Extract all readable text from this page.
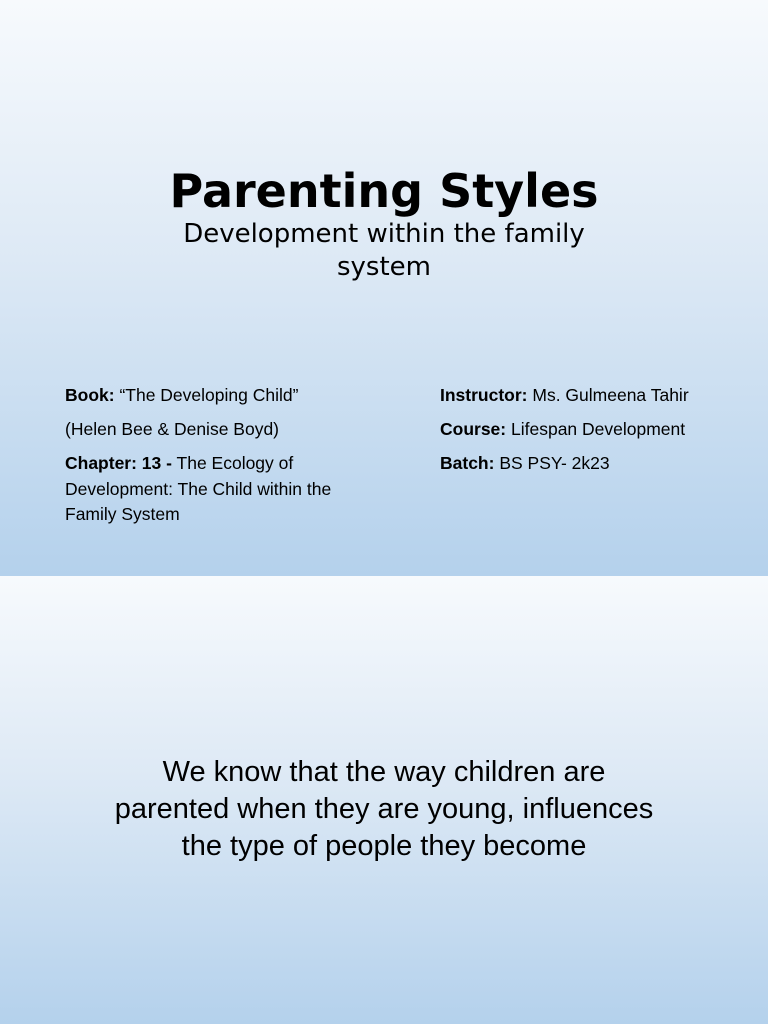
Parenting Styles
Development within the family system

Book: “The Developing Child”

(Helen Bee & Denise Boyd)

Chapter: 13 - The Ecology of Development: The Child within the Family System

Instructor: Ms. Gulmeena Tahir

Course: Lifespan Development

Batch: BS PSY- 2k23

We know that the way children are parented when they are young, influences the type of people they become
